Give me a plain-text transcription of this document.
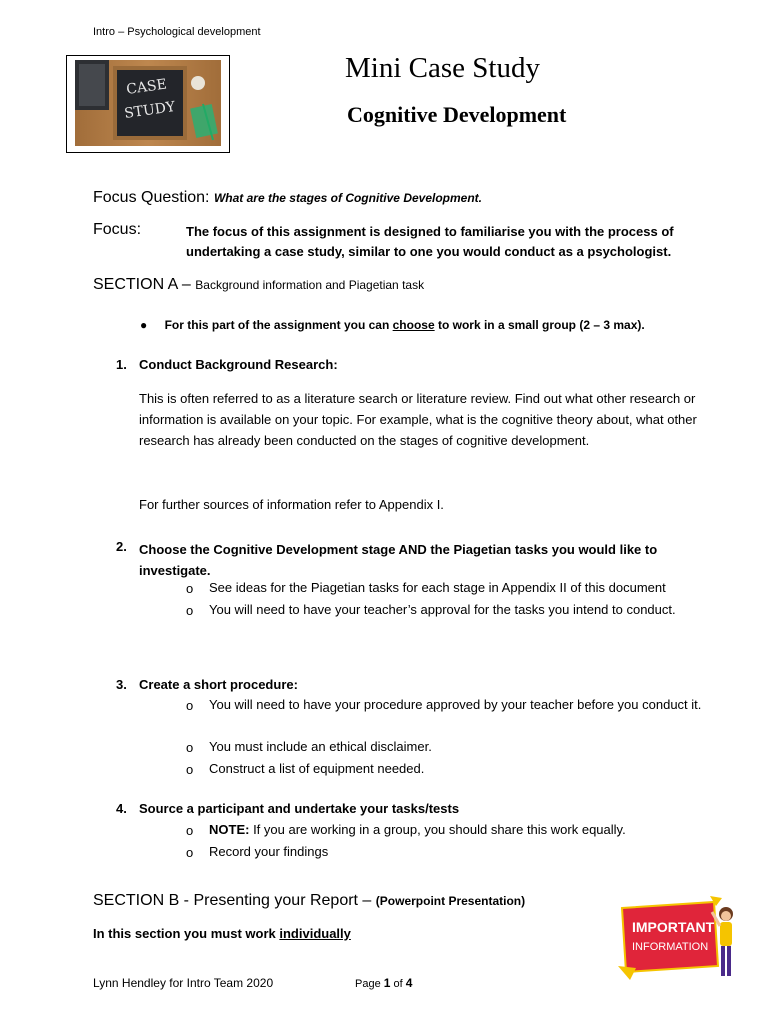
Intro – Psychological development
CASE
STUDY
Mini Case Study
Cognitive Development
Focus Question: What are the stages of Cognitive Development.
Focus:	The focus of this assignment is designed to familiarise you with the process of undertaking a case study, similar to one you would conduct as a psychologist.
SECTION A – Background information and Piagetian task
● For this part of the assignment you can choose to work in a small group (2 – 3 max).
1. Conduct Background Research:
This is often referred to as a literature search or literature review. Find out what other research or information is available on your topic. For example, what is the cognitive theory about, what other research has already been conducted on the stages of cognitive development.
For further sources of information refer to Appendix I.
2. Choose the Cognitive Development stage AND the Piagetian tasks you would like to investigate.
o See ideas for the Piagetian tasks for each stage in Appendix II of this document
o You will need to have your teacher’s approval for the tasks you intend to conduct.
3. Create a short procedure:
o You will need to have your procedure approved by your teacher before you conduct it.
o You must include an ethical disclaimer.
o Construct a list of equipment needed.
4. Source a participant and undertake your tasks/tests
o NOTE: If you are working in a group, you should share this work equally.
o Record your findings
SECTION B - Presenting your Report – (Powerpoint Presentation)
In this section you must work individually	IMPORTANT
INFORMATION
Lynn Hendley for Intro Team 2020	Page 1 of 4
